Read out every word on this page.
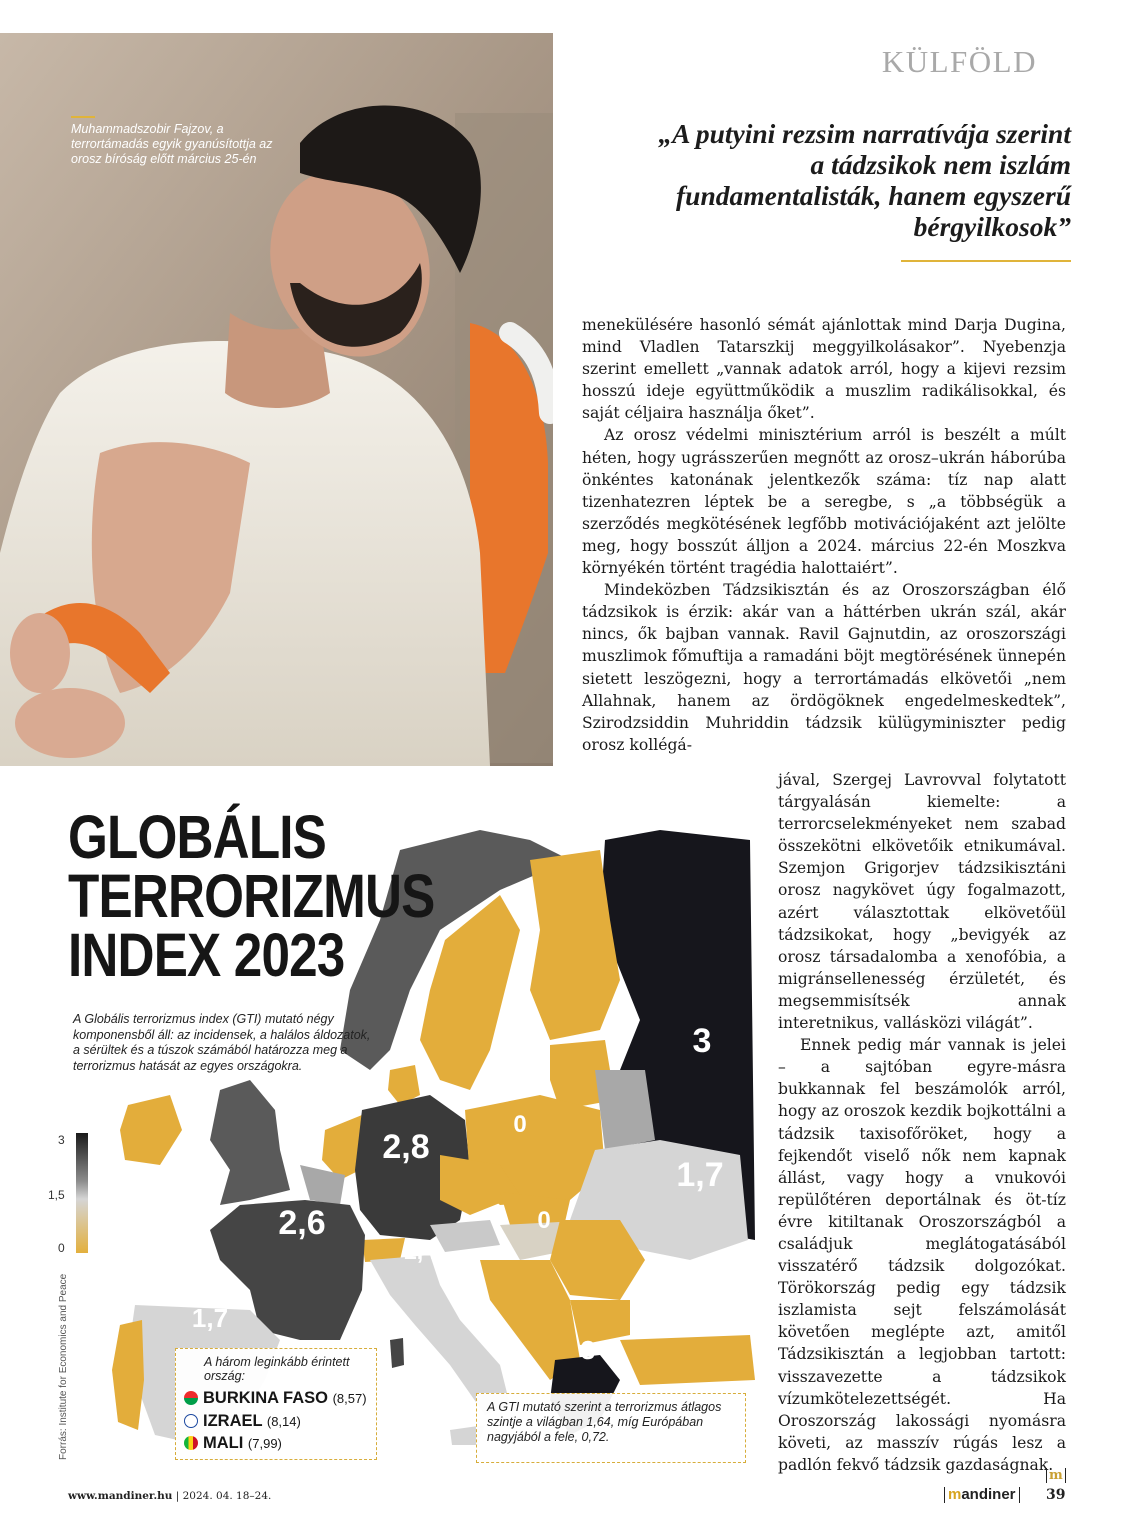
Muhammadszobir Fajzov, a terrortámadás egyik gyanúsítottja az orosz bíróság előtt március 25-én
KÜLFÖLD
„A putyini rezsim narratívája szerint a tádzsikok nem iszlám fundamentalisták, hanem egyszerű bérgyilkosok”

menekülésére hasonló sémát ajánlottak mind Darja Dugina, mind Vladlen Tatarszkij meggyilkolásakor”. Nyebenzja szerint emellett „vannak adatok arról, hogy a kijevi rezsim hosszú ideje együttműködik a muszlim radikálisokkal, és saját céljaira használja őket”.

Az orosz védelmi minisztérium arról is beszélt a múlt héten, hogy ugrásszerűen megnőtt az orosz–ukrán háborúba önkéntes katonának jelentkezők száma: tíz nap alatt tizenhatezren léptek be a seregbe, s „a többségük a szerződés megkötésének legfőbb motivációjaként azt jelölte meg, hogy bosszút álljon a 2024. március 22-én Moszkva környékén történt tragédia halottaiért”.

Mindeközben Tádzsikisztán és az Oroszországban élő tádzsikok is érzik: akár van a háttérben ukrán szál, akár nincs, ők bajban vannak. Ravil Gajnutdin, az oroszországi muszlimok főmuftija a ramadáni böjt megtörésének ünnepén sietett leszögezni, hogy a terrortámadás elkövetői „nem Allahnak, hanem az ördögöknek engedelmeskedtek”, Szirodzsiddin Muhriddin tádzsik külügyminiszter pedig orosz kollégá-

jával, Szergej Lavrovval folytatott tárgyalásán kiemelte: a terrorcselekményeket nem szabad összekötni elkövetőik etnikumával. Szemjon Grigorjev tádzsikisztáni orosz nagykövet úgy fogalmazott, azért választottak elkövetőül tádzsikokat, hogy „bevigyék az orosz társadalomba a xenofóbia, a migránsellenesség érzületét, és megsemmisítsék annak interetnikus, vallásközi világát”.

Ennek pedig már vannak is jelei – a sajtóban egyre-másra bukkannak fel beszámolók arról, hogy az oroszok kezdik bojkottálni a tádzsik taxisofőröket, hogy a fejkendőt viselő nők nem kapnak állást, vagy hogy a vnukovói repülőtéren deportálnak és öt-tíz évre kitiltanak Oroszországból a családjuk meglátogatásából visszatérő tádzsik dolgozókat. Törökország pedig egy tádzsik iszlamista sejt felszámolását követően meglépte azt, amitől Tádzsikisztán a legjobban tartott: visszavezette a tádzsikok vízumkötelezettségét. Ha Oroszország lakossági nyomásra követi, az masszív rúgás lesz a padlón fekvő tádzsik gazdaságnak.

m
3
2,8
2,6
1,7
1,7
1,4
3
0
0
GLOBÁLIS
TERRORIZMUS
INDEX 2023
A Globális terrorizmus index (GTI) mutató négy komponensből áll: az incidensek, a halálos áldozatok, a sérültek és a túszok számából határozza meg a terrorizmus hatását az egyes országokra.
3
1,5
0
Forrás: Institute for Economics and Peace	A három leginkább érintett ország:
BURKINA FASO (8,57)
IZRAEL (8,14)
MALI (7,99)
A GTI mutató szerint a terrorizmus átlagos szintje a világban 1,64, míg Európában nagyjából a fele, 0,72.
www.mandiner.hu | 2024. 04. 18–24.	mandiner 39
